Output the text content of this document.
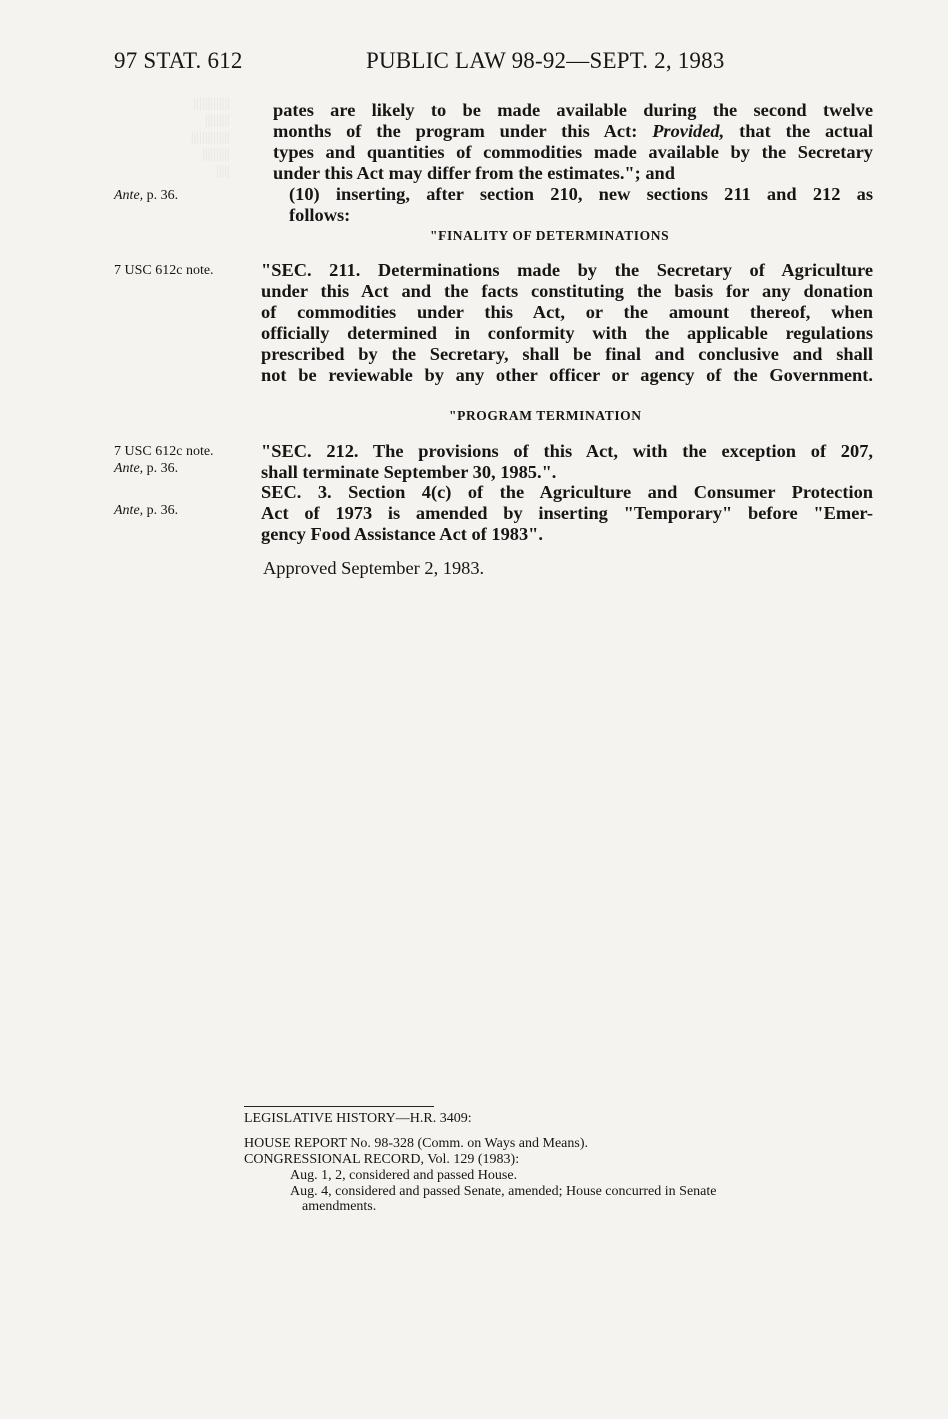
|||||||||||||
|||||||||
||||||||||||||
||||||||||
|||||

97 STAT. 612	PUBLIC LAW 98-92—SEPT. 2, 1983
pates are likely to be made available during the second twelve
months of the program under this Act: Provided, that the actual
types and quantities of commodities made available by the Secretary
under this Act may differ from the estimates."; and
Ante, p. 36.	(10) inserting, after section 210, new sections 211 and 212 as
follows:
"FINALITY OF DETERMINATIONS
7 USC 612c note.	"SEC. 211. Determinations made by the Secretary of Agriculture
under this Act and the facts constituting the basis for any donation
of commodities under this Act, or the amount thereof, when
officially determined in conformity with the applicable regulations
prescribed by the Secretary, shall be final and conclusive and shall
not be reviewable by any other officer or agency of the Government.
"PROGRAM TERMINATION
7 USC 612c note.
Ante, p. 36.
"SEC. 212. The provisions of this Act, with the exception of 207,
shall terminate September 30, 1985.".
Ante, p. 36.
SEC. 3. Section 4(c) of the Agriculture and Consumer Protection
Act of 1973 is amended by inserting "Temporary" before "Emer-
gency Food Assistance Act of 1983".
Approved September 2, 1983.
LEGISLATIVE HISTORY—H.R. 3409:
HOUSE REPORT No. 98-328 (Comm. on Ways and Means).
CONGRESSIONAL RECORD, Vol. 129 (1983):
Aug. 1, 2, considered and passed House.
Aug. 4, considered and passed Senate, amended; House concurred in Senate
amendments.
